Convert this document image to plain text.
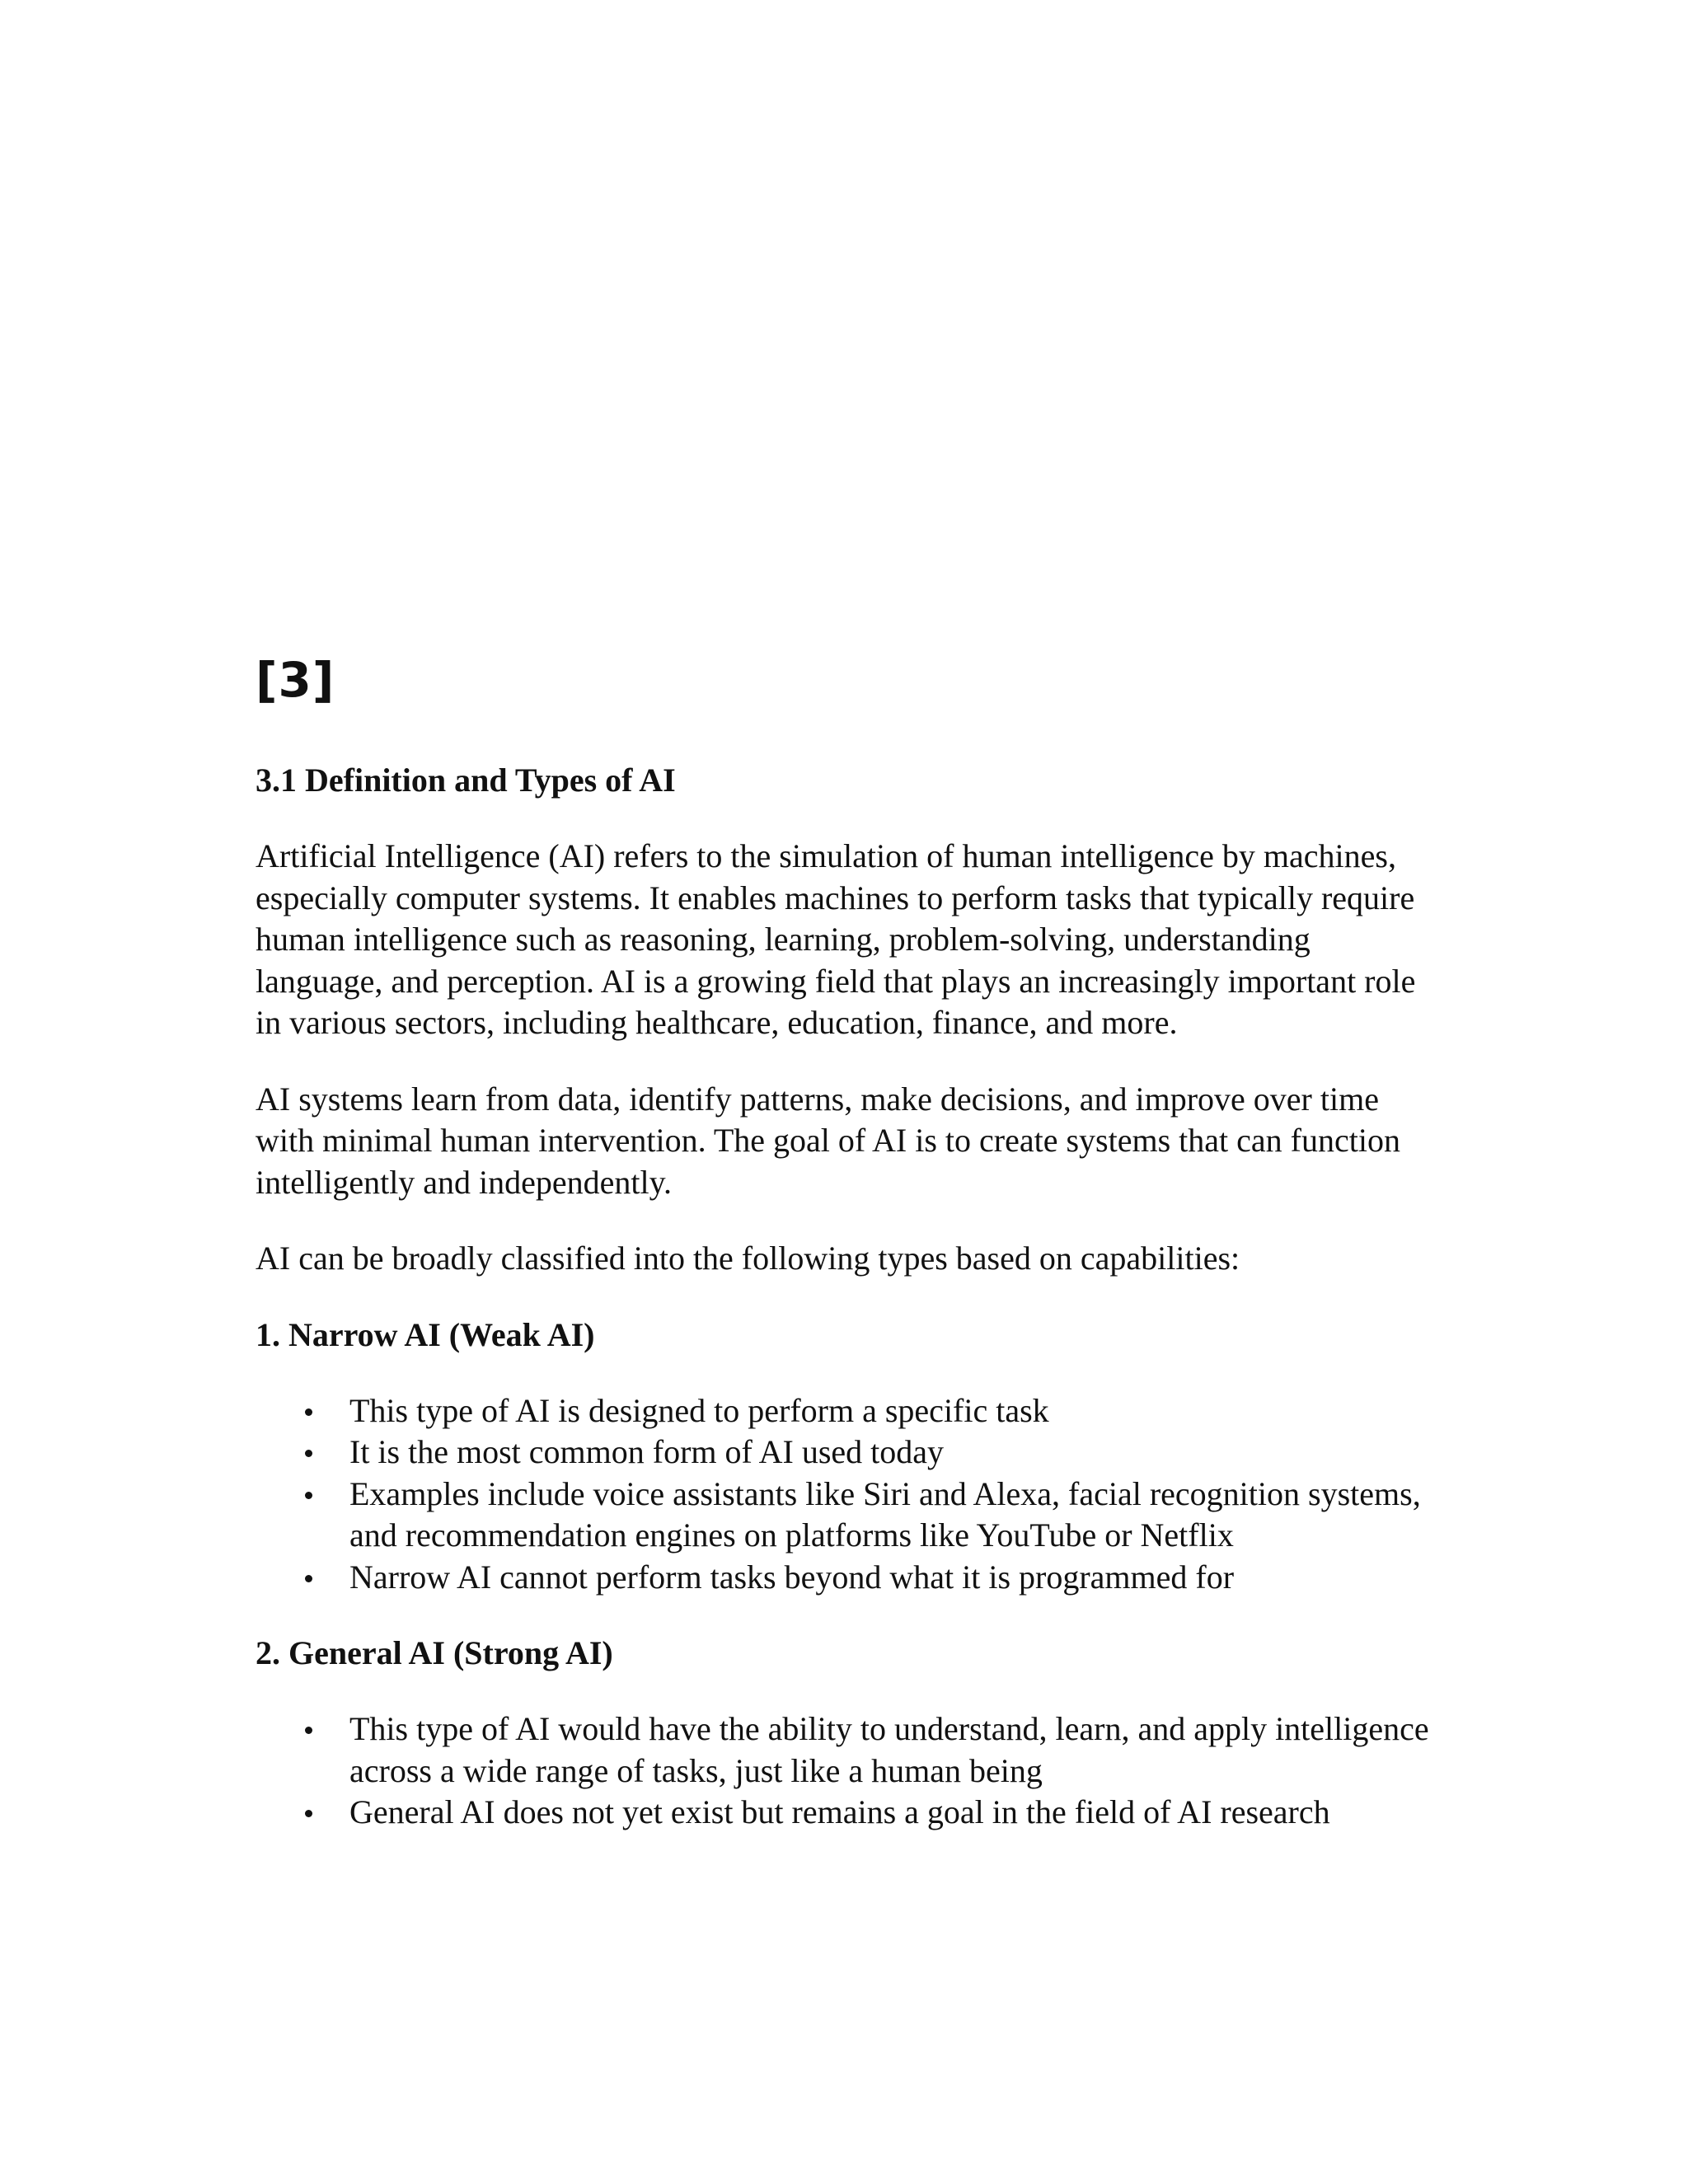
[3]
3.1 Definition and Types of AI

Artificial Intelligence (AI) refers to the simulation of human intelligence by machines, especially computer systems. It enables machines to perform tasks that typically require human intelligence such as reasoning, learning, problem-solving, understanding language, and perception. AI is a growing field that plays an increasingly important role in various sectors, including healthcare, education, finance, and more.

AI systems learn from data, identify patterns, make decisions, and improve over time with minimal human intervention. The goal of AI is to create systems that can function intelligently and independently.

AI can be broadly classified into the following types based on capabilities:

1. Narrow AI (Weak AI)
This type of AI is designed to perform a specific task
It is the most common form of AI used today
Examples include voice assistants like Siri and Alexa, facial recognition systems, and recommendation engines on platforms like YouTube or Netflix
Narrow AI cannot perform tasks beyond what it is programmed for
2. General AI (Strong AI)
This type of AI would have the ability to understand, learn, and apply intelligence across a wide range of tasks, just like a human being
General AI does not yet exist but remains a goal in the field of AI research
